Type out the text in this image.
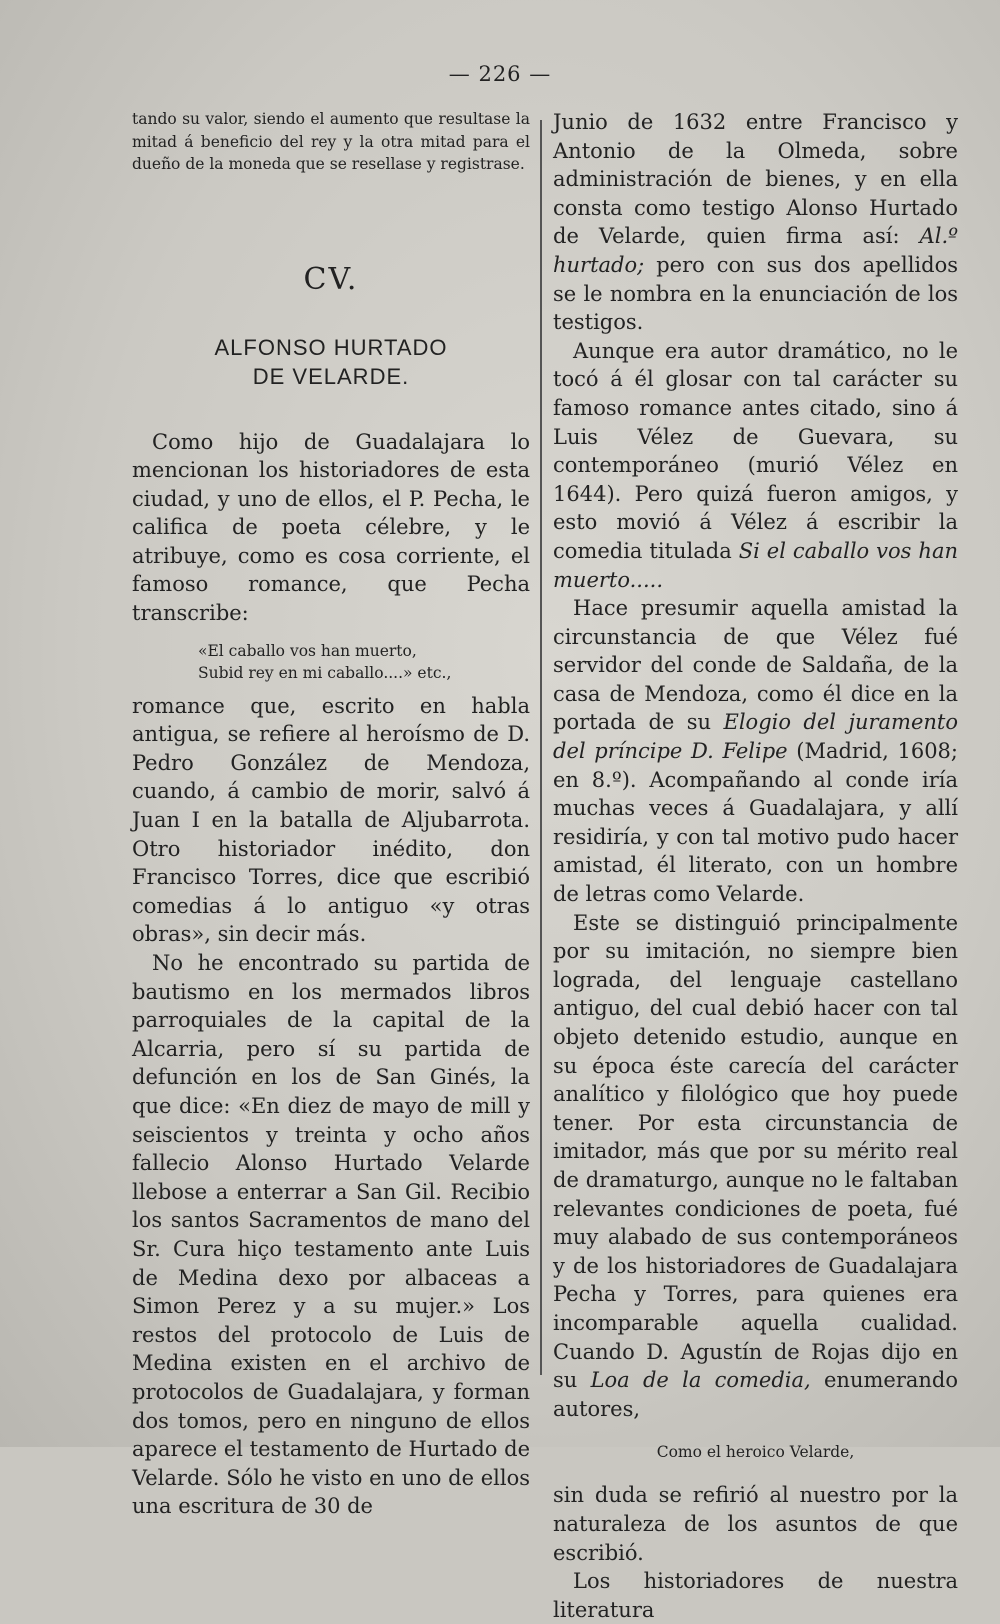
— 226 —

tando su valor, siendo el aumento que resultase la mitad á beneficio del rey y la otra mitad para el dueño de la moneda que se resellase y registrase.

CV.
ALFONSO HURTADO
DE VELARDE.

Como hijo de Guadalajara lo mencionan los historiadores de esta ciudad, y uno de ellos, el P. Pecha, le califica de poeta célebre, y le atribuye, como es cosa corriente, el famoso romance, que Pecha transcribe:

«El caballo vos han muerto,
Subid rey en mi caballo....» etc.,

romance que, escrito en habla antigua, se refiere al heroísmo de D. Pedro González de Mendoza, cuando, á cambio de morir, salvó á Juan I en la batalla de Aljubarrota. Otro historiador inédito, don Francisco Torres, dice que escribió comedias á lo antiguo «y otras obras», sin decir más.

No he encontrado su partida de bautismo en los mermados libros parroquiales de la capital de la Alcarria, pero sí su partida de defunción en los de San Ginés, la que dice: «En diez de mayo de mill y seiscientos y treinta y ocho años fallecio Alonso Hurtado Velarde llebose a enterrar a San Gil. Recibio los santos Sacramentos de mano del Sr. Cura hiço testamento ante Luis de Medina dexo por albaceas a Simon Perez y a su mujer.» Los restos del protocolo de Luis de Medina existen en el archivo de protocolos de Guadalajara, y forman dos tomos, pero en ninguno de ellos aparece el testamento de Hurtado de Velarde. Sólo he visto en uno de ellos una escritura de 30 de

Junio de 1632 entre Francisco y Antonio de la Olmeda, sobre administración de bienes, y en ella consta como testigo Alonso Hurtado de Velarde, quien firma así: Al.º hurtado; pero con sus dos apellidos se le nombra en la enunciación de los testigos.

Aunque era autor dramático, no le tocó á él glosar con tal carácter su famoso romance antes citado, sino á Luis Vélez de Guevara, su contemporáneo (murió Vélez en 1644). Pero quizá fueron amigos, y esto movió á Vélez á escribir la comedia titulada Si el caballo vos han muerto.....

Hace presumir aquella amistad la circunstancia de que Vélez fué servidor del conde de Saldaña, de la casa de Mendoza, como él dice en la portada de su Elogio del juramento del príncipe D. Felipe (Madrid, 1608; en 8.º). Acompañando al conde iría muchas veces á Guadalajara, y allí residiría, y con tal motivo pudo hacer amistad, él literato, con un hombre de letras como Velarde.

Este se distinguió principalmente por su imitación, no siempre bien lograda, del lenguaje castellano antiguo, del cual debió hacer con tal objeto detenido estudio, aunque en su época éste carecía del carácter analítico y filológico que hoy puede tener. Por esta circunstancia de imitador, más que por su mérito real de dramaturgo, aunque no le faltaban relevantes condiciones de poeta, fué muy alabado de sus contemporáneos y de los historiadores de Guadalajara Pecha y Torres, para quienes era incomparable aquella cualidad. Cuando D. Agustín de Rojas dijo en su Loa de la comedia, enumerando autores,

Como el heroico Velarde,

sin duda se refirió al nuestro por la naturaleza de los asuntos de que escribió.

Los historiadores de nuestra literatura
